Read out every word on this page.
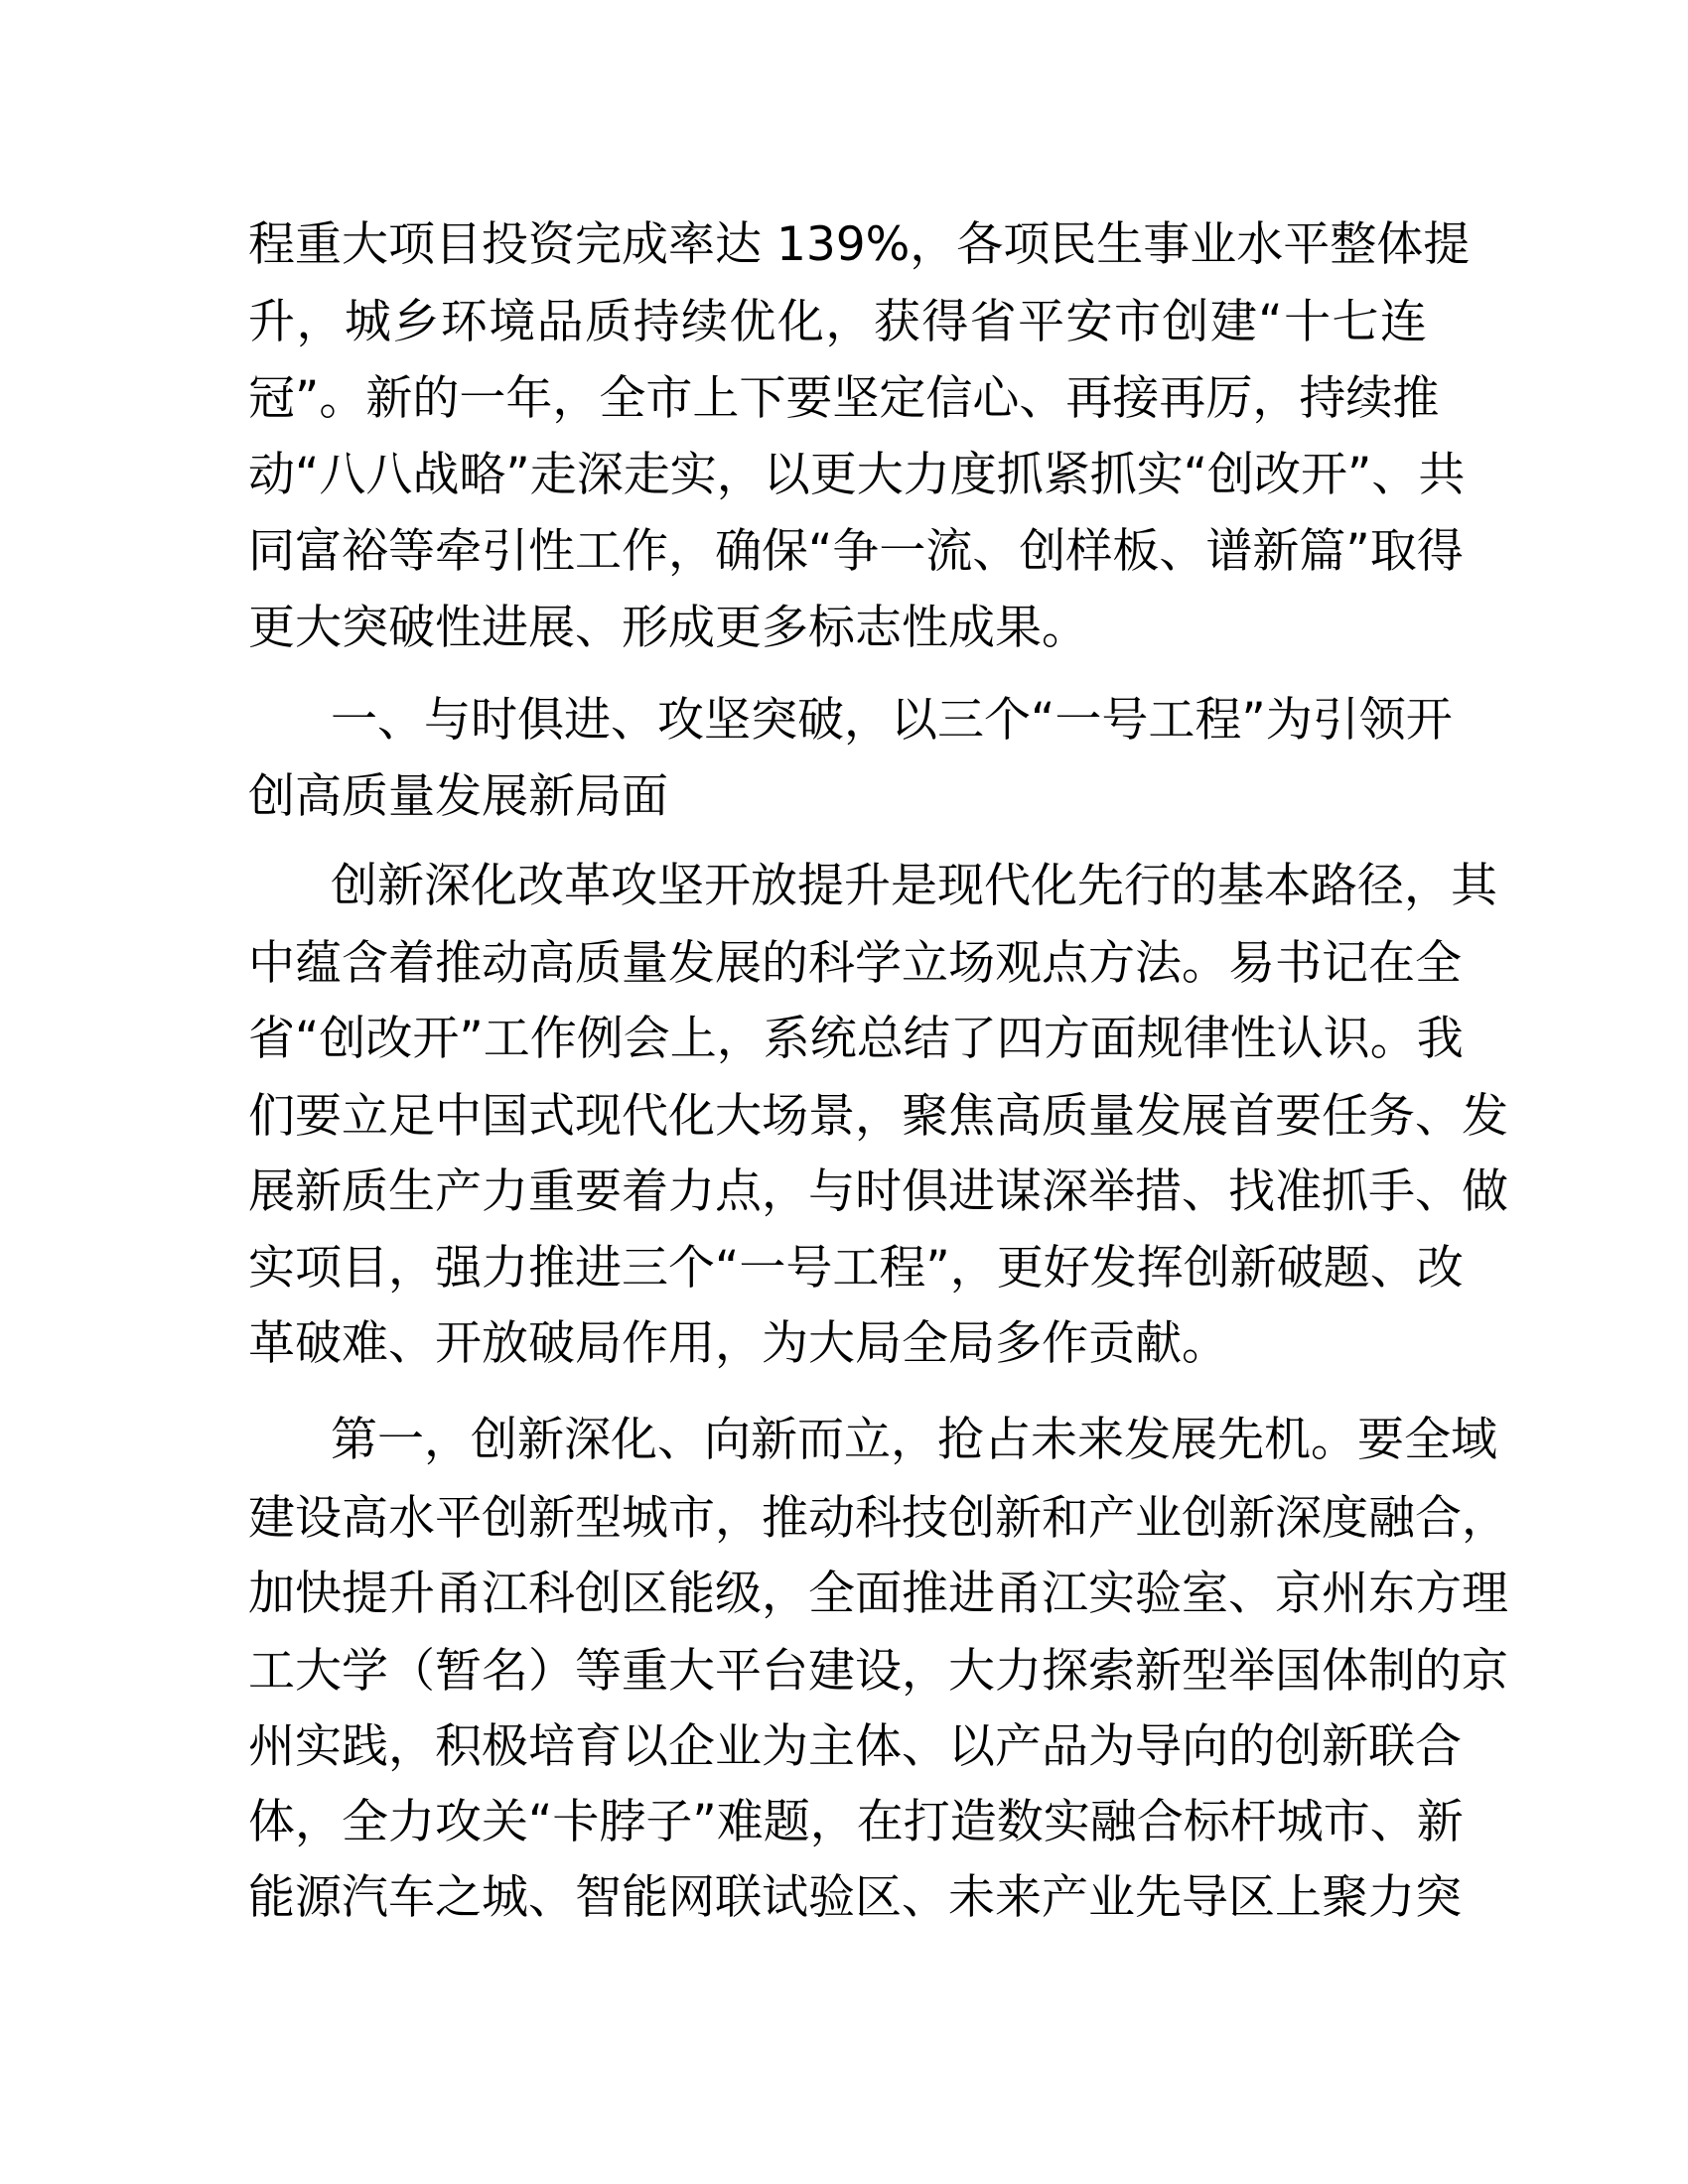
程重大项目投资完成率达 139%，各项民生事业水平整体提
升，城乡环境品质持续优化，获得省平安市创建“十七连
冠”。新的一年，全市上下要坚定信心、再接再厉，持续推
动“八八战略”走深走实，以更大力度抓紧抓实“创改开”、共
同富裕等牵引性工作，确保“争一流、创样板、谱新篇”取得
更大突破性进展、形成更多标志性成果。
一、与时俱进、攻坚突破，以三个“一号工程”为引领开
创高质量发展新局面
创新深化改革攻坚开放提升是现代化先行的基本路径，其
中蕴含着推动高质量发展的科学立场观点方法。易书记在全
省“创改开”工作例会上，系统总结了四方面规律性认识。我
们要立足中国式现代化大场景，聚焦高质量发展首要任务、发
展新质生产力重要着力点，与时俱进谋深举措、找准抓手、做
实项目，强力推进三个“一号工程”，更好发挥创新破题、改
革破难、开放破局作用，为大局全局多作贡献。
第一，创新深化、向新而立，抢占未来发展先机。要全域
建设高水平创新型城市，推动科技创新和产业创新深度融合，
加快提升甬江科创区能级，全面推进甬江实验室、京州东方理
工大学（暂名）等重大平台建设，大力探索新型举国体制的京
州实践，积极培育以企业为主体、以产品为导向的创新联合
体，全力攻关“卡脖子”难题，在打造数实融合标杆城市、新
能源汽车之城、智能网联试验区、未来产业先导区上聚力突
